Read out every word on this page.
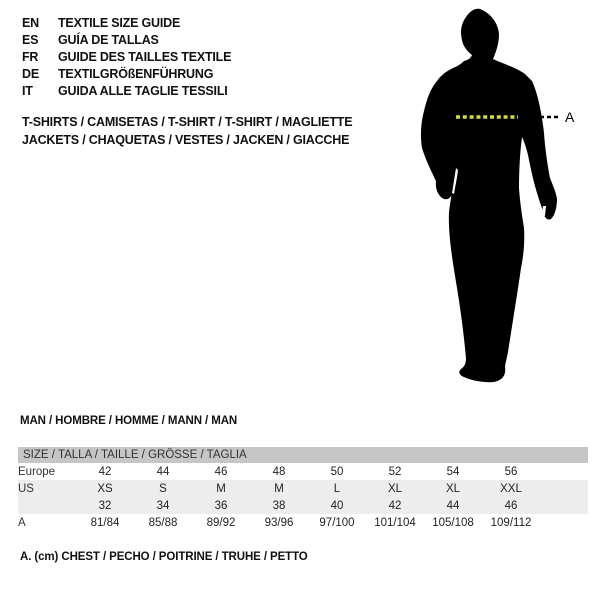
EN	TEXTILE SIZE GUIDE
ES	GUÍA DE TALLAS
FR	GUIDE DES TAILLES TEXTILE
DE	TEXTILGRÖßENFÜHRUNG
IT	GUIDA ALLE TAGLIE TESSILI
T-SHIRTS / CAMISETAS / T-SHIRT / T-SHIRT / MAGLIETTE
JACKETS / CHAQUETAS / VESTES / JACKEN / GIACCHE
A
MAN / HOMBRE / HOMME / MANN / MAN
SIZE / TALLA / TAILLE / GRÖSSE / TAGLIA									
Europe	42	44	46	48	50	52	54	56	
US	XS	S	M	M	L	XL	XL	XXL	
	32	34	36	38	40	42	44	46	
A	81/84	85/88	89/92	93/96	97/100	101/104	105/108	109/112	
A. (cm) CHEST / PECHO / POITRINE / TRUHE / PETTO
